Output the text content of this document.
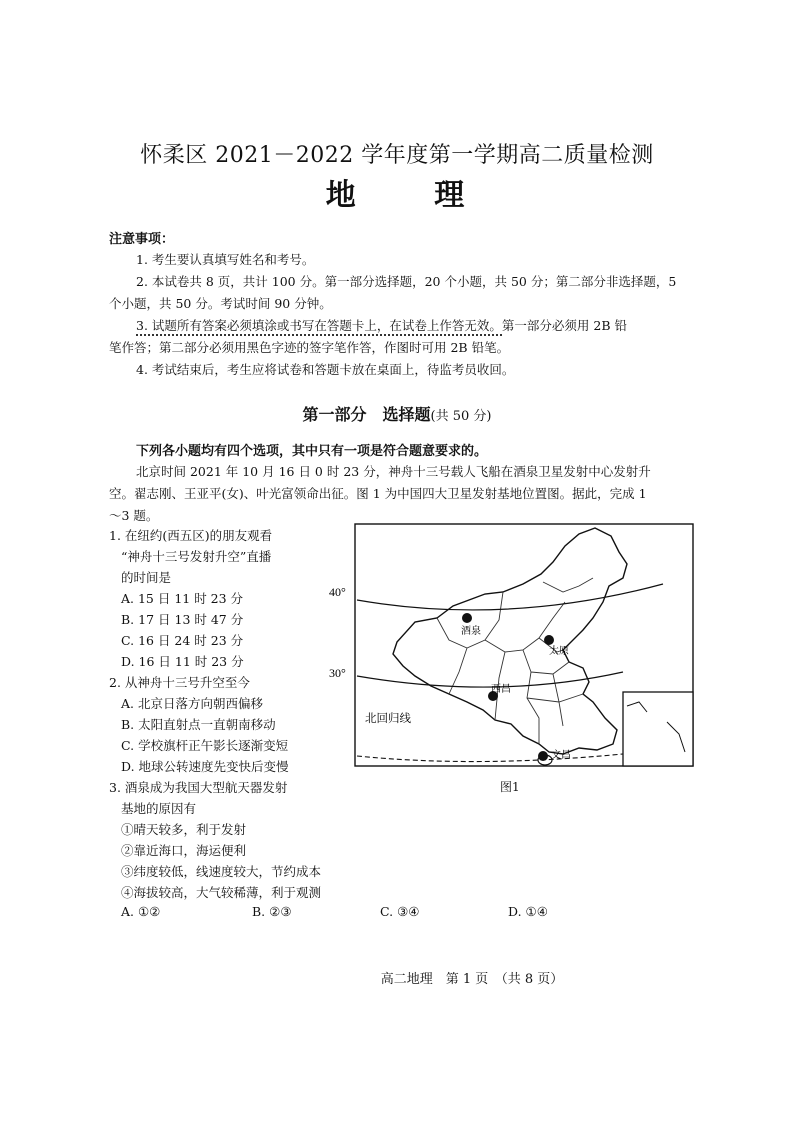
怀柔区 2021－2022 学年度第一学期高二质量检测
地 理
注意事项：
1. 考生要认真填写姓名和考号。
2. 本试卷共 8 页，共计 100 分。第一部分选择题，20 个小题，共 50 分；第二部分非选择题，5
个小题，共 50 分。考试时间 90 分钟。
3. 试题所有答案必须填涂或书写在答题卡上，在试卷上作答无效。第一部分必须用 2B 铅
笔作答；第二部分必须用黑色字迹的签字笔作答，作图时可用 2B 铅笔。
4. 考试结束后，考生应将试卷和答题卡放在桌面上，待监考员收回。
第一部分　选择题(共 50 分)
下列各小题均有四个选项，其中只有一项是符合题意要求的。
北京时间 2021 年 10 月 16 日 0 时 23 分，神舟十三号载人飞船在酒泉卫星发射中心发射升
空。翟志刚、王亚平(女)、叶光富领命出征。图 1 为中国四大卫星发射基地位置图。据此，完成 1
～3 题。
1. 在纽约(西五区)的朋友观看
“神舟十三号发射升空”直播
的时间是
A. 15 日 11 时 23 分
B. 17 日 13 时 47 分
C. 16 日 24 时 23 分
D. 16 日 11 时 23 分
2. 从神舟十三号升空至今
A. 北京日落方向朝西偏移
B. 太阳直射点一直朝南移动
C. 学校旗杆正午影长逐渐变短
D. 地球公转速度先变快后变慢
3. 酒泉成为我国大型航天器发射
基地的原因有
①晴天较多，利于发射
②靠近海口，海运便利
③纬度较低，线速度较大，节约成本
④海拔较高，大气较稀薄，利于观测
A. ①②	B. ②③	C. ③④	D. ①④
40°
30°
北回归线
酒泉
太原
西昌
文昌
图1
高二地理　第 1 页　（共 8 页）
